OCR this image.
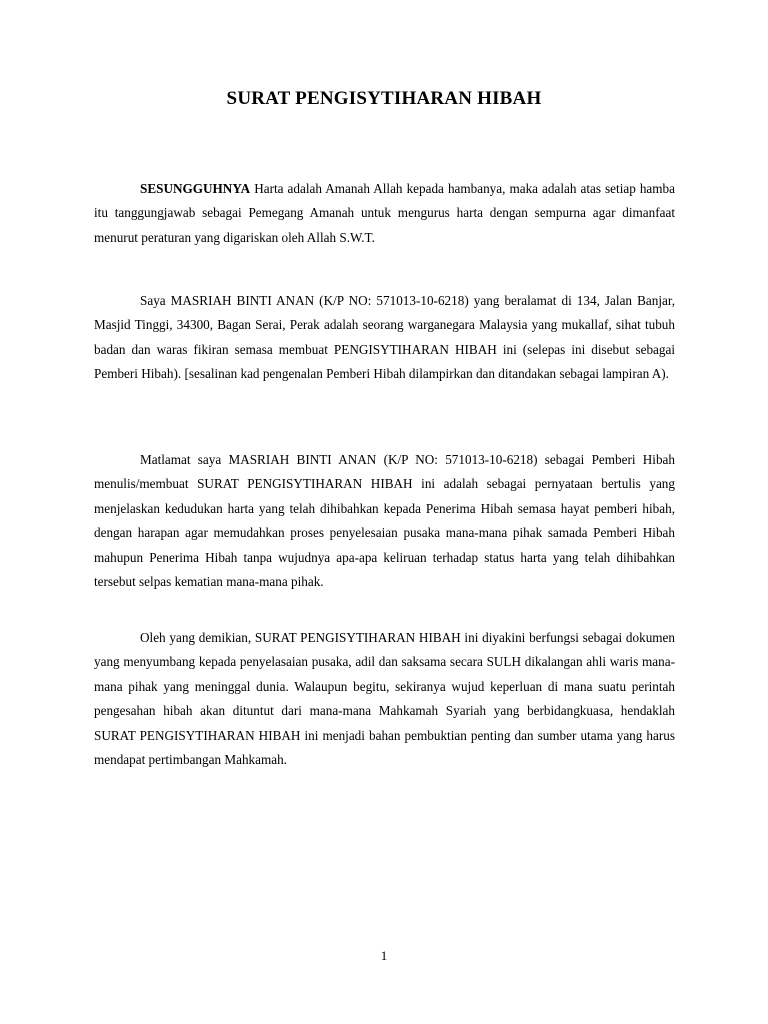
SURAT PENGISYTIHARAN HIBAH

SESUNGGUHNYA Harta adalah Amanah Allah kepada hambanya, maka adalah atas setiap hamba itu tanggungjawab sebagai Pemegang Amanah untuk mengurus harta dengan sempurna agar dimanfaat menurut peraturan yang digariskan oleh Allah S.W.T.

Saya MASRIAH BINTI ANAN (K/P NO: 571013-10-6218) yang beralamat di 134, Jalan Banjar, Masjid Tinggi, 34300, Bagan Serai, Perak adalah seorang warganegara Malaysia yang mukallaf, sihat tubuh badan dan waras fikiran semasa membuat PENGISYTIHARAN HIBAH ini (selepas ini disebut sebagai Pemberi Hibah). [sesalinan kad pengenalan Pemberi Hibah dilampirkan dan ditandakan sebagai lampiran A).

Matlamat saya MASRIAH BINTI ANAN (K/P NO: 571013-10-6218) sebagai Pemberi Hibah menulis/membuat SURAT PENGISYTIHARAN HIBAH ini adalah sebagai pernyataan bertulis yang menjelaskan kedudukan harta yang telah dihibahkan kepada Penerima Hibah semasa hayat pemberi hibah, dengan harapan agar memudahkan proses penyelesaian pusaka mana-mana pihak samada Pemberi Hibah mahupun Penerima Hibah tanpa wujudnya apa-apa keliruan terhadap status harta yang telah dihibahkan tersebut selpas kematian mana-mana pihak.

Oleh yang demikian, SURAT PENGISYTIHARAN HIBAH ini diyakini berfungsi sebagai dokumen yang menyumbang kepada penyelasaian pusaka, adil dan saksama secara SULH dikalangan ahli waris mana-mana pihak yang meninggal dunia. Walaupun begitu, sekiranya wujud keperluan di mana suatu perintah pengesahan hibah akan dituntut dari mana-mana Mahkamah Syariah yang berbidangkuasa, hendaklah SURAT PENGISYTIHARAN HIBAH ini menjadi bahan pembuktian penting dan sumber utama yang harus mendapat pertimbangan Mahkamah.

1
